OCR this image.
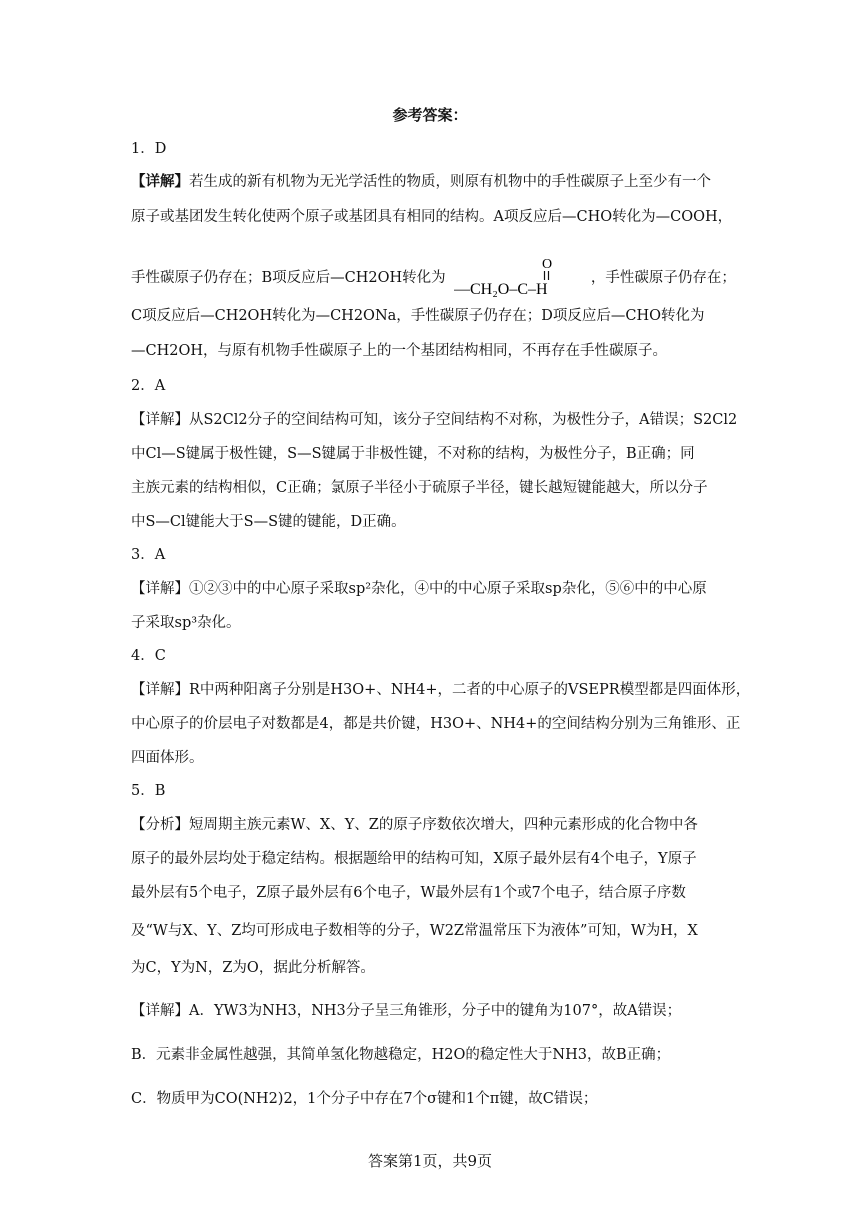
参考答案：
1．D
【详解】若生成的新有机物为无光学活性的物质，则原有机物中的手性碳原子上至少有一个
原子或基团发生转化使两个原子或基团具有相同的结构。A项反应后—CHO转化为—COOH，
手性碳原子仍存在；B项反应后—CH2OH转化为
O
—CH₂O–C–H
，手性碳原子仍存在；
C项反应后—CH2OH转化为—CH2ONa，手性碳原子仍存在；D项反应后—CHO转化为
—CH2OH，与原有机物手性碳原子上的一个基团结构相同，不再存在手性碳原子。
2．A
【详解】从S2Cl2分子的空间结构可知，该分子空间结构不对称，为极性分子，A错误；S2Cl2
中Cl—S键属于极性键，S—S键属于非极性键，不对称的结构，为极性分子，B正确；同
主族元素的结构相似，C正确；氯原子半径小于硫原子半径，键长越短键能越大，所以分子
中S—Cl键能大于S—S键的键能，D正确。
3．A
【详解】①②③中的中心原子采取sp²杂化，④中的中心原子采取sp杂化，⑤⑥中的中心原
子采取sp³杂化。
4．C
【详解】R中两种阳离子分别是H3O+、NH4+，二者的中心原子的VSEPR模型都是四面体形，
中心原子的价层电子对数都是4，都是共价键，H3O+、NH4+的空间结构分别为三角锥形、正
四面体形。
5．B
【分析】短周期主族元素W、X、Y、Z的原子序数依次增大，四种元素形成的化合物中各
原子的最外层均处于稳定结构。根据题给甲的结构可知，X原子最外层有4个电子，Y原子
最外层有5个电子，Z原子最外层有6个电子，W最外层有1个或7个电子，结合原子序数
及“W与X、Y、Z均可形成电子数相等的分子，W2Z常温常压下为液体”可知，W为H，X
为C，Y为N，Z为O，据此分析解答。
【详解】A．YW3为NH3，NH3分子呈三角锥形，分子中的键角为107°，故A错误；
B．元素非金属性越强，其简单氢化物越稳定，H2O的稳定性大于NH3，故B正确；
C．物质甲为CO(NH2)2，1个分子中存在7个σ键和1个π键，故C错误；
答案第1页，共9页
